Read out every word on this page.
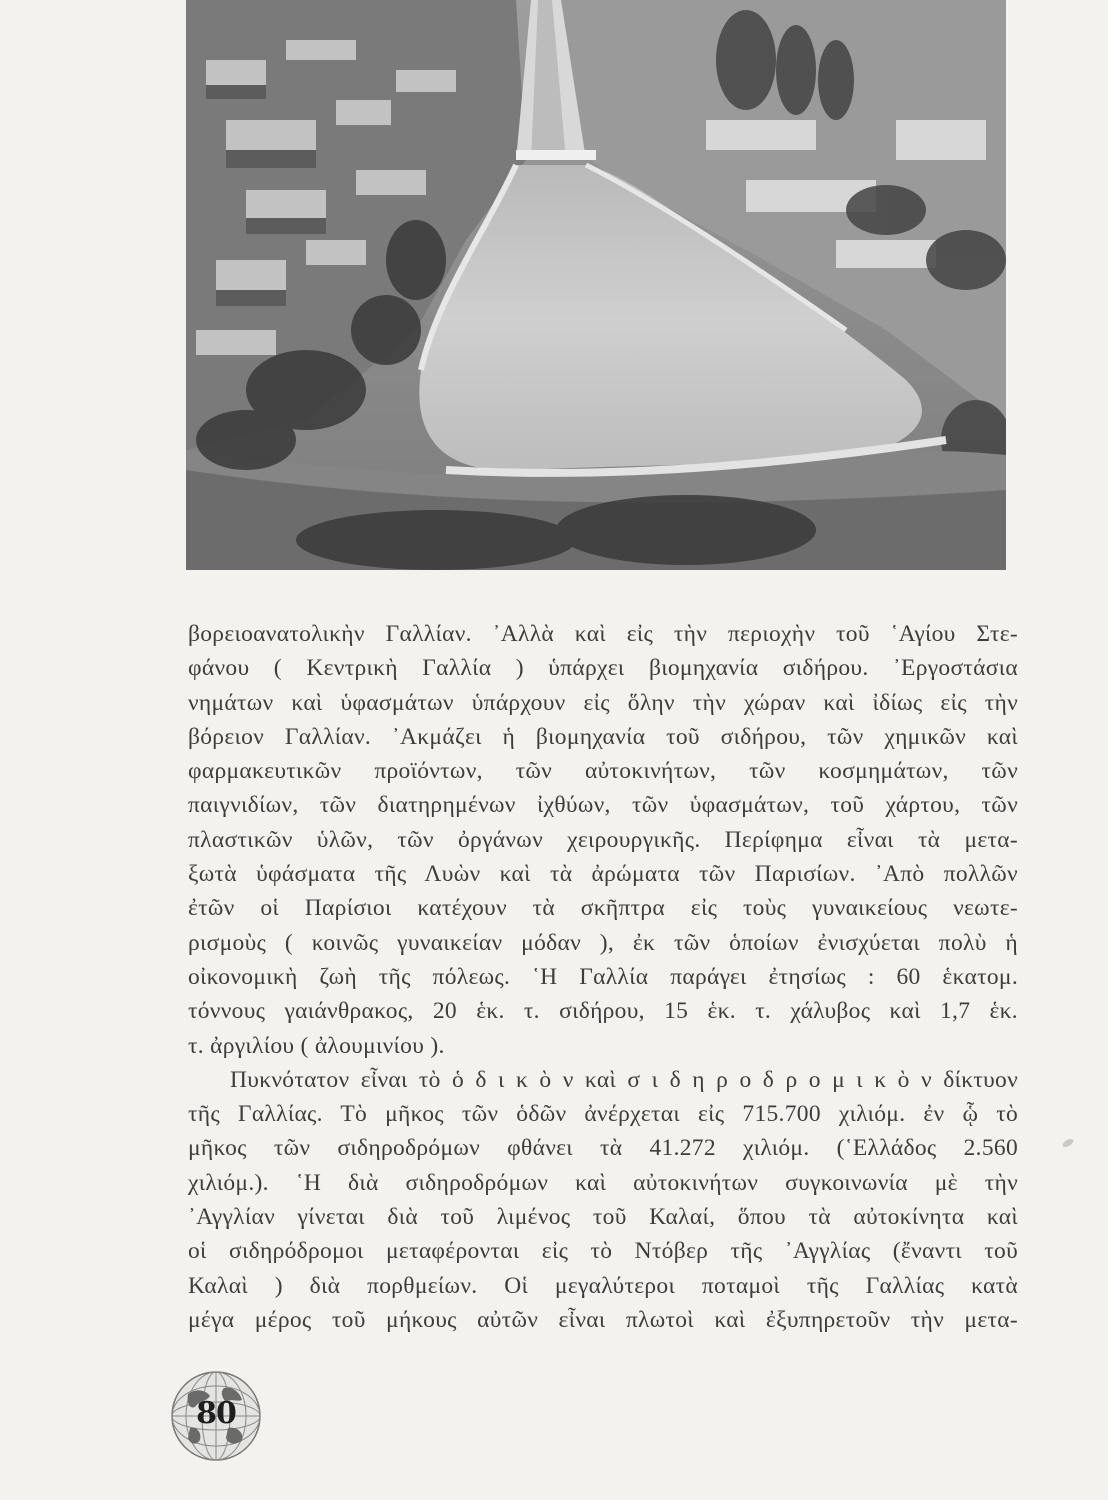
βορειοανατολικὴν Γαλλίαν. ᾿Αλλὰ καὶ εἰς τὴν περιοχὴν τοῦ ῾Αγίου Στε-
φάνου ( Κεντρικὴ Γαλλία ) ὑπάρχει βιομηχανία σιδήρου. ᾿Εργοστάσια
νημάτων καὶ ὑφασμάτων ὑπάρχουν εἰς ὅλην τὴν χώραν καὶ ἰδίως εἰς τὴν
βόρειον Γαλλίαν. ᾿Ακμάζει ἡ βιομηχανία τοῦ σιδήρου, τῶν χημικῶν καὶ
φαρμακευτικῶν προϊόντων, τῶν αὐτοκινήτων, τῶν κοσμημάτων, τῶν
παιγνιδίων, τῶν διατηρημένων ἰχθύων, τῶν ὑφασμάτων, τοῦ χάρτου, τῶν
πλαστικῶν ὑλῶν, τῶν ὀργάνων χειρουργικῆς. Περίφημα εἶναι τὰ μετα-
ξωτὰ ὑφάσματα τῆς Λυὼν καὶ τὰ ἀρώματα τῶν Παρισίων. ᾿Απὸ πολλῶν
ἐτῶν οἱ Παρίσιοι κατέχουν τὰ σκῆπτρα εἰς τοὺς γυναικείους νεωτε-
ρισμοὺς ( κοινῶς γυναικείαν μόδαν ), ἐκ τῶν ὁποίων ἐνισχύεται πολὺ ἡ
οἰκονομικὴ ζωὴ τῆς πόλεως. ῾Η Γαλλία παράγει ἐτησίως : 60 ἑκατομ.
τόννους γαιάνθρακος, 20 ἑκ. τ. σιδήρου, 15 ἑκ. τ. χάλυβος καὶ 1,7 ἑκ.
τ. ἀργιλίου ( ἀλουμινίου ).
Πυκνότατον εἶναι τὸ ὁ δ ι κ ὸ ν καὶ σ ι δ η ρ ο δ ρ ο μ ι κ ὸ ν δίκτυον
τῆς Γαλλίας. Τὸ μῆκος τῶν ὁδῶν ἀνέρχεται εἰς 715.700 χιλιόμ. ἐν ᾧ τὸ
μῆκος τῶν σιδηροδρόμων φθάνει τὰ 41.272 χιλιόμ. (῾Ελλάδος 2.560
χιλιόμ.). ῾Η διὰ σιδηροδρόμων καὶ αὐτοκινήτων συγκοινωνία μὲ τὴν
᾿Αγγλίαν γίνεται διὰ τοῦ λιμένος τοῦ Καλαί, ὅπου τὰ αὐτοκίνητα καὶ
οἱ σιδηρόδρομοι μεταφέρονται εἰς τὸ Ντόβερ τῆς ᾿Αγγλίας (ἔναντι τοῦ
Καλαὶ ) διὰ πορθμείων. Οἱ μεγαλύτεροι ποταμοὶ τῆς Γαλλίας κατὰ
μέγα μέρος τοῦ μήκους αὐτῶν εἶναι πλωτοὶ καὶ ἐξυπηρετοῦν τὴν μετα-
80
